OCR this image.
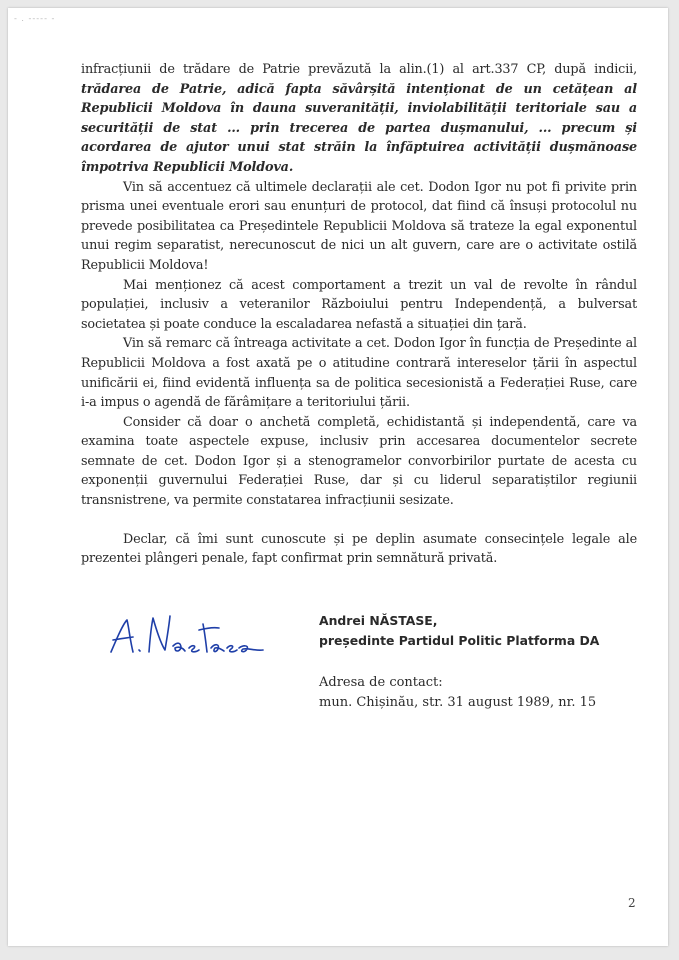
- . ----- -

infracțiunii de trădare de Patrie prevăzută la alin.(1) al art.337 CP, după indicii, trădarea de Patrie, adică fapta săvârșită intenționat de un cetățean al Republicii Moldova în dauna suveranității, inviolabilității teritoriale sau a securității de stat ... prin trecerea de partea dușmanului, ... precum și acordarea de ajutor unui stat străin la înfăptuirea activității dușmănoase împotriva Republicii Moldova.

Vin să accentuez că ultimele declarații ale cet. Dodon Igor nu pot fi privite prin prisma unei eventuale erori sau enunțuri de protocol, dat fiind că însuși protocolul nu prevede posibilitatea ca Președintele Republicii Moldova să trateze la egal exponentul unui regim separatist, nerecunoscut de nici un alt guvern, care are o activitate ostilă Republicii Moldova!

Mai menționez că acest comportament a trezit un val de revolte în rândul populației, inclusiv a veteranilor Războiului pentru Independență, a bulversat societatea și poate conduce la escaladarea nefastă a situației din țară.

Vin să remarc că întreaga activitate a cet. Dodon Igor în funcția de Președinte al Republicii Moldova a fost axată pe o atitudine contrară intereselor țării în aspectul unificării ei, fiind evidentă influența sa de politica secesionistă a Federației Ruse, care i-a impus o agendă de fărâmițare a teritoriului țării.

Consider că doar o anchetă completă, echidistantă și independentă, care va examina toate aspectele expuse, inclusiv prin accesarea documentelor secrete semnate de cet. Dodon Igor și a stenogramelor convorbirilor purtate de acesta cu exponenții guvernului Federației Ruse, dar și cu liderul separatiștilor regiunii transnistrene, va permite constatarea infracțiunii sesizate.

Declar, că îmi sunt cunoscute și pe deplin asumate consecințele legale ale prezentei plângeri penale, fapt confirmat prin semnătură privată.

Andrei NĂSTASE,
președinte Partidul Politic Platforma DA
Adresa de contact:
mun. Chișinău, str. 31 august 1989, nr. 15
2
